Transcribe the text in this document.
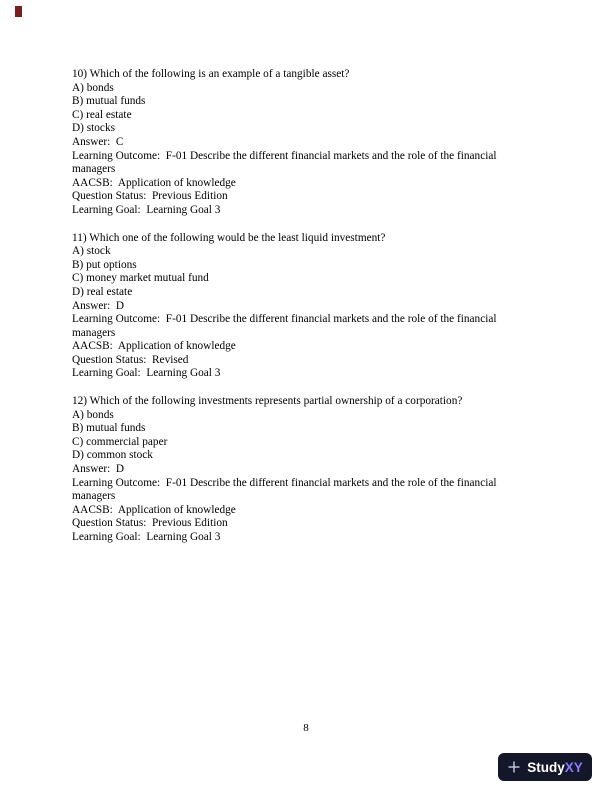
10) Which of the following is an example of a tangible asset?
A) bonds
B) mutual funds
C) real estate
D) stocks
Answer:  C
Learning Outcome:  F-01 Describe the different financial markets and the role of the financial managers
AACSB:  Application of knowledge
Question Status:  Previous Edition
Learning Goal:  Learning Goal 3
11) Which one of the following would be the least liquid investment?
A) stock
B) put options
C) money market mutual fund
D) real estate
Answer:  D
Learning Outcome:  F-01 Describe the different financial markets and the role of the financial managers
AACSB:  Application of knowledge
Question Status:  Revised
Learning Goal:  Learning Goal 3
12) Which of the following investments represents partial ownership of a corporation?
A) bonds
B) mutual funds
C) commercial paper
D) common stock
Answer:  D
Learning Outcome:  F-01 Describe the different financial markets and the role of the financial managers
AACSB:  Application of knowledge
Question Status:  Previous Edition
Learning Goal:  Learning Goal 3
8
StudyXY
